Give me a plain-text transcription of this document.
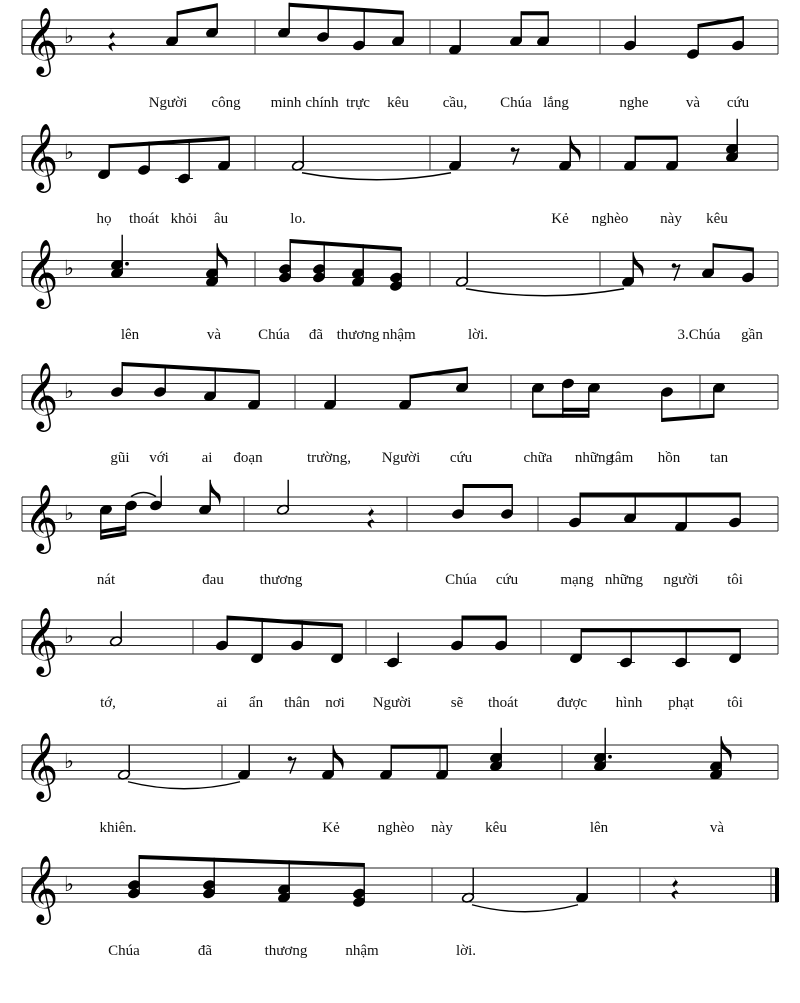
𝄞 ♭
Người công minh chính trực kêu cầu, Chúa lắng	nghe và cứu
𝄞 ♭
họ thoát khỏi âu	lo.	Kẻ nghèo này kêu
𝄞 ♭
lên	và Chúa đã thương nhậm	lời.	3.Chúa gần
𝄞 ♭
gũi với ai đoạn	trường, Người cứu	chữa những
tâm hồn tan
𝄞 ♭
nát	đau thương	Chúa cứu	mạng những người tôi
𝄞 ♭
tớ,	ai ẩn thân nơi Người	sẽ thoát	được hình phạt tôi
𝄞 ♭
khiên.	Kẻ	nghèo này kêu	lên	và
𝄞 ♭
Chúa	đã	thương	nhậm	lời.
